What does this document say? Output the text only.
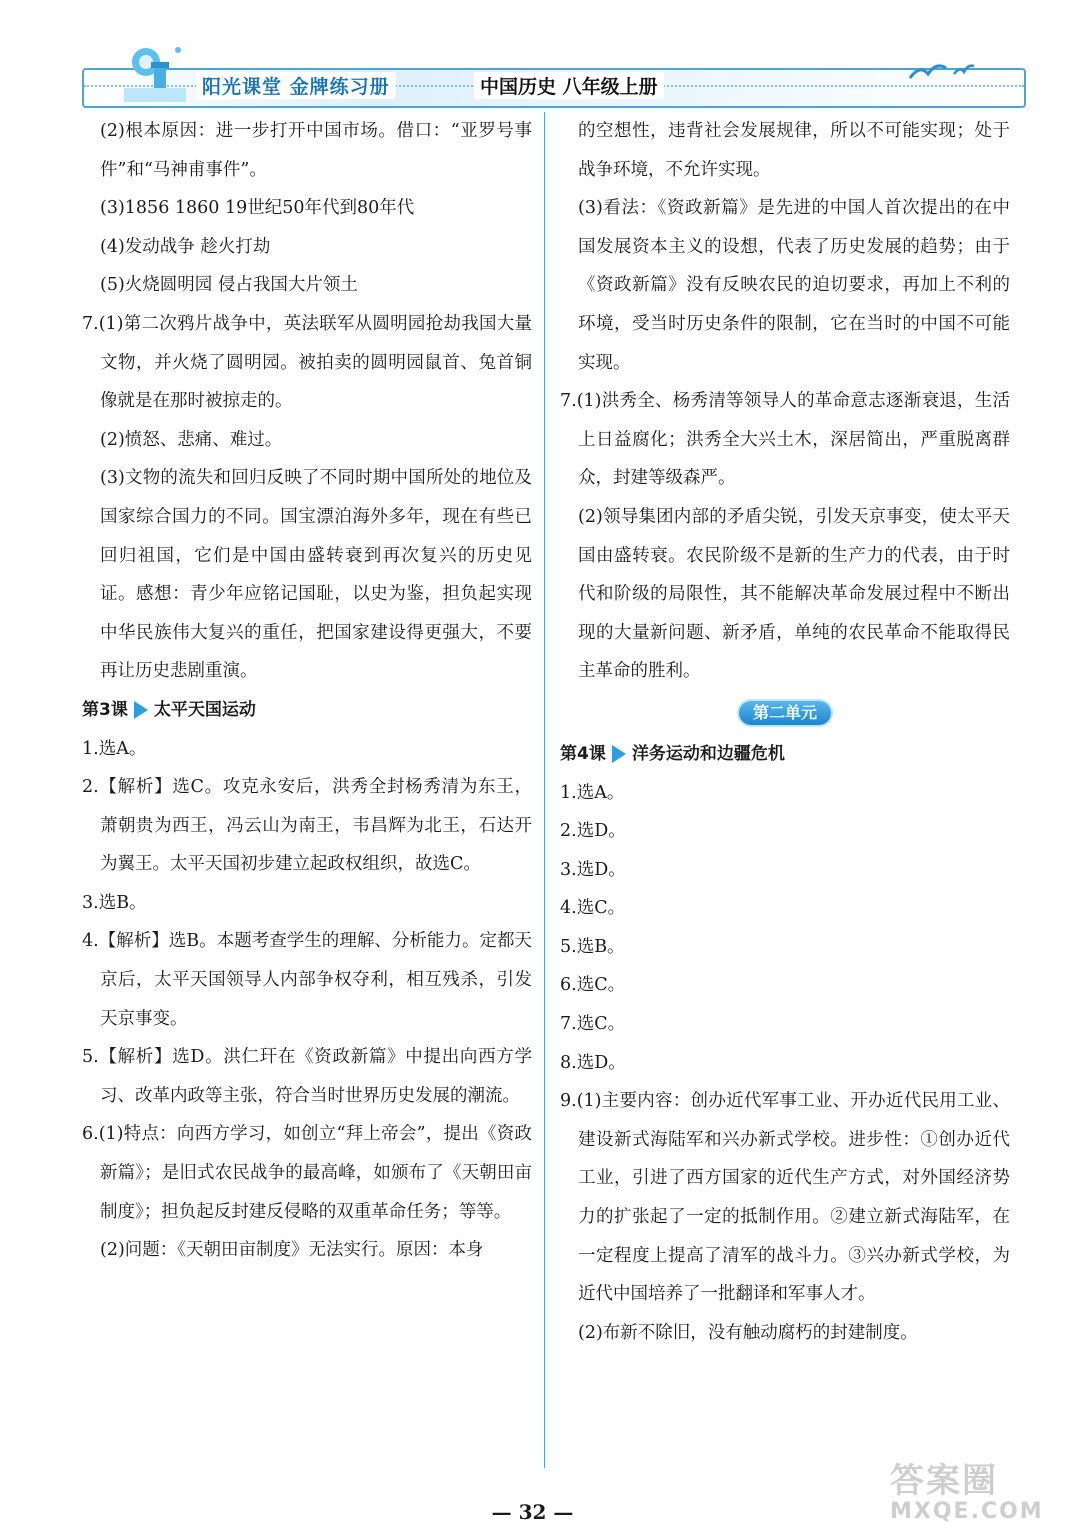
阳光课堂 金牌练习册	中国历史 八年级上册

(2)根本原因：进一步打开中国市场。借口：“亚罗号事件”和“马神甫事件”。

(3)1856 1860 19世纪50年代到80年代

(4)发动战争 趁火打劫

(5)火烧圆明园 侵占我国大片领土

7.(1)第二次鸦片战争中，英法联军从圆明园抢劫我国大量文物，并火烧了圆明园。被拍卖的圆明园鼠首、兔首铜像就是在那时被掠走的。

(2)愤怒、悲痛、难过。

(3)文物的流失和回归反映了不同时期中国所处的地位及国家综合国力的不同。国宝漂泊海外多年，现在有些已回归祖国，它们是中国由盛转衰到再次复兴的历史见证。感想：青少年应铭记国耻，以史为鉴，担负起实现中华民族伟大复兴的重任，把国家建设得更强大，不要再让历史悲剧重演。

第3课 太平天国运动

1.选A。

2.【解析】选C。攻克永安后，洪秀全封杨秀清为东王，萧朝贵为西王，冯云山为南王，韦昌辉为北王，石达开为翼王。太平天国初步建立起政权组织，故选C。

3.选B。

4.【解析】选B。本题考查学生的理解、分析能力。定都天京后，太平天国领导人内部争权夺利，相互残杀，引发天京事变。

5.【解析】选D。洪仁玕在《资政新篇》中提出向西方学习、改革内政等主张，符合当时世界历史发展的潮流。

6.(1)特点：向西方学习，如创立“拜上帝会”，提出《资政新篇》；是旧式农民战争的最高峰，如颁布了《天朝田亩制度》；担负起反封建反侵略的双重革命任务；等等。

(2)问题：《天朝田亩制度》无法实行。原因：本身

的空想性，违背社会发展规律，所以不可能实现；处于战争环境，不允许实现。

(3)看法：《资政新篇》是先进的中国人首次提出的在中国发展资本主义的设想，代表了历史发展的趋势；由于《资政新篇》没有反映农民的迫切要求，再加上不利的环境，受当时历史条件的限制，它在当时的中国不可能实现。

7.(1)洪秀全、杨秀清等领导人的革命意志逐渐衰退，生活上日益腐化；洪秀全大兴土木，深居简出，严重脱离群众，封建等级森严。

(2)领导集团内部的矛盾尖锐，引发天京事变，使太平天国由盛转衰。农民阶级不是新的生产力的代表，由于时代和阶级的局限性，其不能解决革命发展过程中不断出现的大量新问题、新矛盾，单纯的农民革命不能取得民主革命的胜利。

第二单元
第4课 洋务运动和边疆危机

1.选A。

2.选D。

3.选D。

4.选C。

5.选B。

6.选C。

7.选C。

8.选D。

9.(1)主要内容：创办近代军事工业、开办近代民用工业、建设新式海陆军和兴办新式学校。进步性：①创办近代工业，引进了西方国家的近代生产方式，对外国经济势力的扩张起了一定的抵制作用。②建立新式海陆军，在一定程度上提高了清军的战斗力。③兴办新式学校，为近代中国培养了一批翻译和军事人才。

(2)布新不除旧，没有触动腐朽的封建制度。

— 32 —
答案圈
MXQE.COM
